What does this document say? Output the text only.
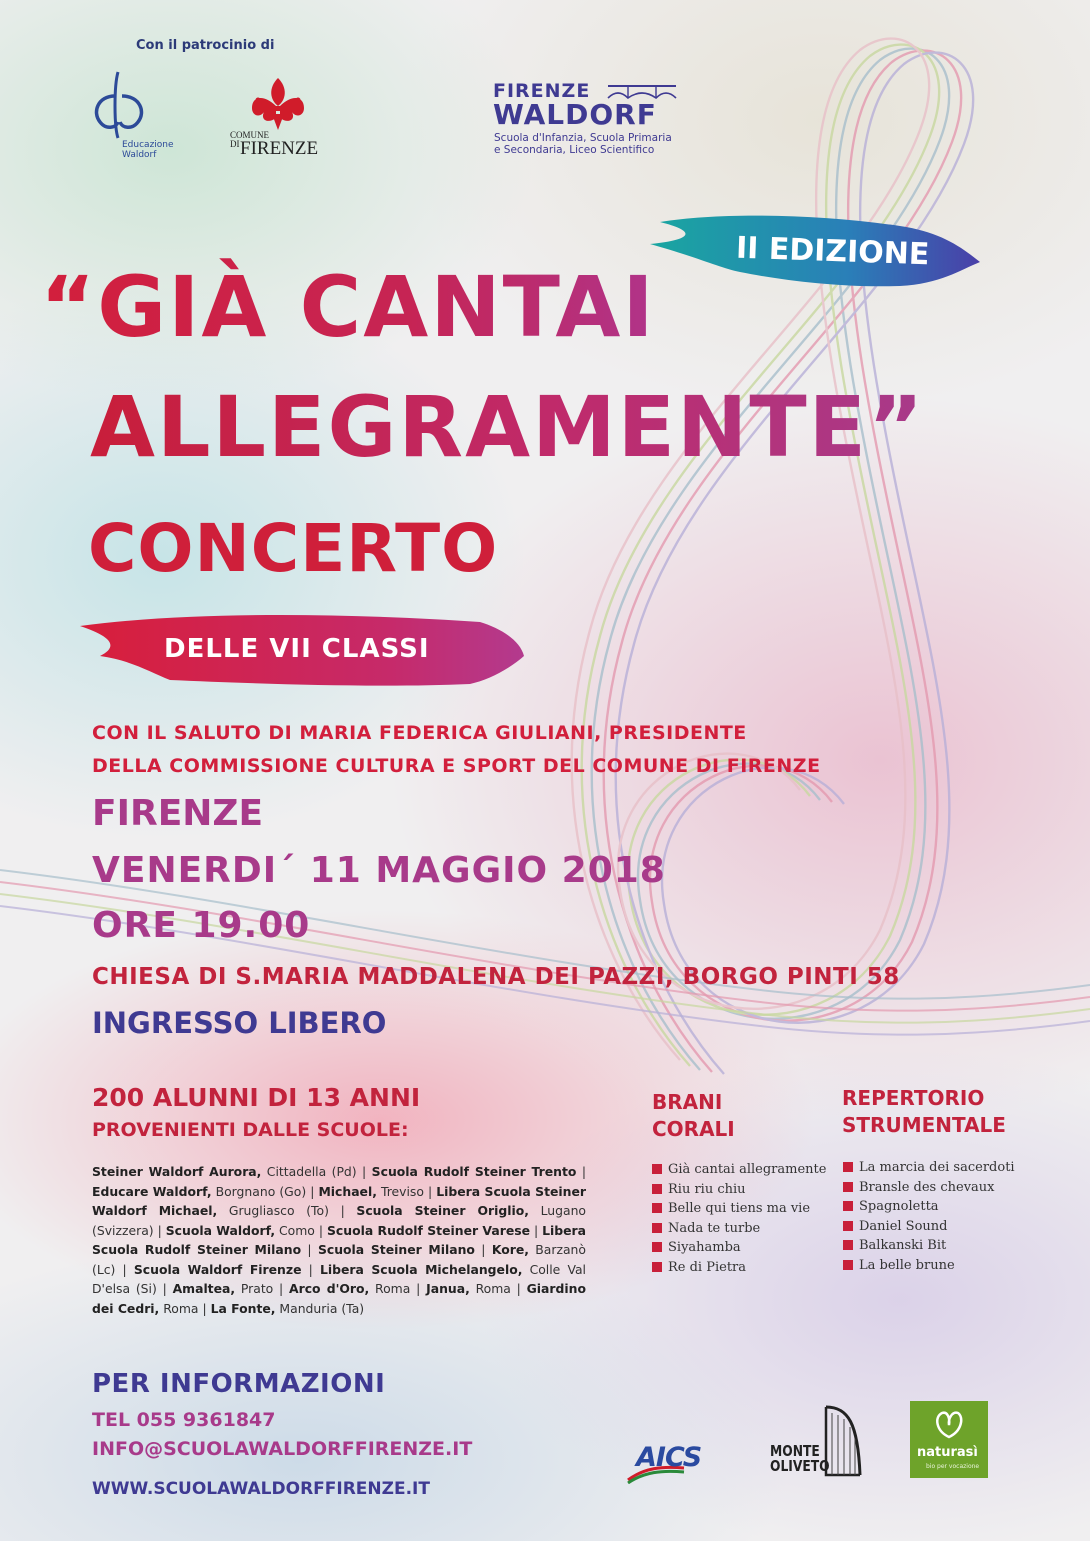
Con il patrocinio di
Educazione
Waldorf
COMUNE
DI FIRENZE
FIRENZE
WALDORF
Scuola d'Infanzia, Scuola Primaria
e Secondaria, Liceo Scientifico
II EDIZIONE
“GIÀ CANTAI
ALLEGRAMENTE”
CONCERTO
DELLE VII CLASSI
CON IL SALUTO DI MARIA FEDERICA GIULIANI, PRESIDENTE
DELLA COMMISSIONE CULTURA E SPORT DEL COMUNE DI FIRENZE
FIRENZE
VENERDI´ 11 MAGGIO 2018
ORE 19.00
CHIESA DI S.MARIA MADDALENA DEI PAZZI, BORGO PINTI 58
INGRESSO LIBERO
200 ALUNNI DI 13 ANNI
PROVENIENTI DALLE SCUOLE:
Steiner Waldorf Aurora, Cittadella (Pd) | Scuola Rudolf Steiner Trento | Educare Waldorf, Borgnano (Go) | Michael, Treviso | Libera Scuola Steiner Waldorf Michael, Grugliasco (To) | Scuola Steiner Origlio, Lugano (Svizzera) | Scuola Waldorf, Como | Scuola Rudolf Steiner Varese | Libera Scuola Rudolf Steiner Milano | Scuola Steiner Milano | Kore, Barzanò (Lc) | Scuola Waldorf Firenze | Libera Scuola Michelangelo, Colle Val D'elsa (Si) | Amaltea, Prato | Arco d'Oro, Roma | Janua, Roma | Giardino dei Cedri, Roma | La Fonte, Manduria (Ta)
BRANI CORALI
Già cantai allegramente
Riu riu chiu
Belle qui tiens ma vie
Nada te turbe
Siyahamba
Re di Pietra
REPERTORIO STRUMENTALE
La marcia dei sacerdoti
Bransle des chevaux
Spagnoletta
Daniel Sound
Balkanski Bit
La belle brune
PER INFORMAZIONI
TEL 055 9361847
INFO@SCUOLAWALDORFFIRENZE.IT
WWW.SCUOLAWALDORFFIRENZE.IT
AICS	MONTE
OLIVETO
naturasì
bio per vocazione
